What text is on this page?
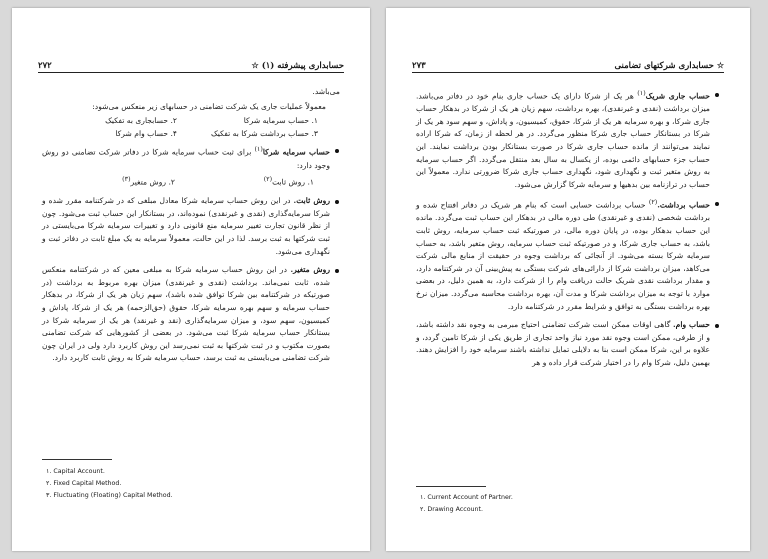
۲۷۲	حسابداری پیشرفته (۱) ☆
می‌باشد.
معمولاً عملیات جاری یک شرکت تضامنی در حسابهای زیر منعکس می‌شود:
۱. حساب سرمایه شرکا
۲. حسابجاری به تفکیک
۳. حساب برداشت شرکا به تفکیک
۴. حساب وام شرکا
حساب سرمایه شرکا$^{(۱)}$ برای ثبت حساب سرمایه شرکا در دفاتر شرکت تضامنی دو روش وجود دارد:
۱. روش ثابت$^{(۲)}$
۲. روش متغیر$^{(۳)}$
روش ثابت. در این روش حساب سرمایه شرکا معادل مبلغی که در شرکتنامه مقرر شده و شرکا سرمایه‌گذاری (نقدی و غیرنقدی) نموده‌اند، در بستانکار این حساب ثبت می‌شود. چون از نظر قانون تجارت تغییر سرمایه منع قانونی دارد و تغییرات سرمایه شرکا می‌بایستی در ثبت شرکتها به ثبت برسد. لذا در این حالت، معمولاً سرمایه به یک مبلغ ثابت در دفاتر ثبت و نگهداری می‌شود.
روش متغیر. در این روش حساب سرمایه شرکا به مبلغی معین که در شرکتنامه منعکس شده، ثابت نمی‌ماند. برداشت (نقدی و غیرنقدی) میزان بهره مربوط به برداشت (در صورتیکه در شرکتنامه بین شرکا توافق شده باشد)، سهم زیان هر یک از شرکا، در بدهکار حساب سرمایه و سهم بهره سرمایه شرکا، حقوق (حق‌الزحمه) هر یک از شرکا، پاداش و کمیسیون، سهم سود، و میزان سرمایه‌گذاری (نقد و غیرنقد) هر یک از سرمایه شرکا در بستانکار حساب سرمایه شرکا ثبت می‌شود. در بعضی از کشورهایی که شرکت تضامنی بصورت مکتوب و در ثبت شرکتها به ثبت نمی‌رسد این روش کاربرد دارد ولی در ایران چون شرکت تضامنی می‌بایستی به ثبت برسد، حساب سرمایه شرکا به روش ثابت کاربرد دارد.
۱. Capital Account.
۲. Fixed Capital Method.
۳. Fluctuating (Floating) Capital Method.
۲۷۳	☆ حسابداری شرکتهای تضامنی
حساب جاری شریک$^{(۱)}$ هر یک از شرکا دارای یک حساب جاری بنام خود در دفاتر می‌باشد. میزان برداشت (نقدی و غیرنقدی)، بهره برداشت، سهم زیان هر یک از شرکا در بدهکار حساب جاری شرکا، و بهره سرمایه هر یک از شرکا، حقوق، کمیسیون، و پاداش، و سهم سود هر یک از شرکا در بستانکار حساب جاری شرکا منظور می‌گردد. در هر لحظه از زمان، که شرکا اراده نمایند می‌توانند از مانده حساب جاری شرکا در صورت بستانکار بودن برداشت نمایند. این حساب جزء حسابهای دائمی بوده، از یکسال به سال بعد منتقل می‌گردد. اگر حساب سرمایه به روش متغیر ثبت و نگهداری شود، نگهداری حساب جاری شرکا ضرورتی ندارد. معمولاً این حساب در ترازنامه بین بدهیها و سرمایه شرکا گزارش می‌شود.
حساب برداشت.$^{(۲)}$ حساب برداشت حسابی است که بنام هر شریک در دفاتر افتتاح شده و برداشت شخصی (نقدی و غیرنقدی) طی دوره مالی در بدهکار این حساب ثبت می‌گردد. مانده این حساب بدهکار بوده، در پایان دوره مالی، در صورتیکه ثبت حساب سرمایه، روش ثابت باشد، به حساب جاری شرکا، و در صورتیکه ثبت حساب سرمایه، روش متغیر باشد، به حساب سرمایه شرکا بسته می‌شود. از آنجائی که برداشت وجوه در حقیقت از منابع مالی شرکت می‌کاهد، میزان برداشت شرکا از دارائی‌های شرکت بستگی به پیش‌بینی آن در شرکتنامه دارد، و مقدار برداشت نقدی شریک حالت دریافت وام را از شرکت دارد، به همین دلیل، در بعضی موارد با توجه به میزان برداشت شرکا و مدت آن، بهره برداشت محاسبه می‌گردد. میزان نرخ بهره برداشت بستگی به توافق و شرایط مقرر در شرکتنامه دارد.
حساب وام. گاهی اوقات ممکن است شرکت تضامنی احتیاج مبرمی به وجوه نقد داشته باشد، و از طرفی، ممکن است وجوه نقد مورد نیاز واحد تجاری از طریق یکی از شرکا تامین گردد، و علاوه بر این، شرکا ممکن است بنا به دلایلی تمایل نداشته باشند سرمایه خود را افزایش دهند. بهمین دلیل، شرکا وام را در اختیار شرکت قرار داده و هر
۱. Current Account of Partner.
۲. Drawing Account.
